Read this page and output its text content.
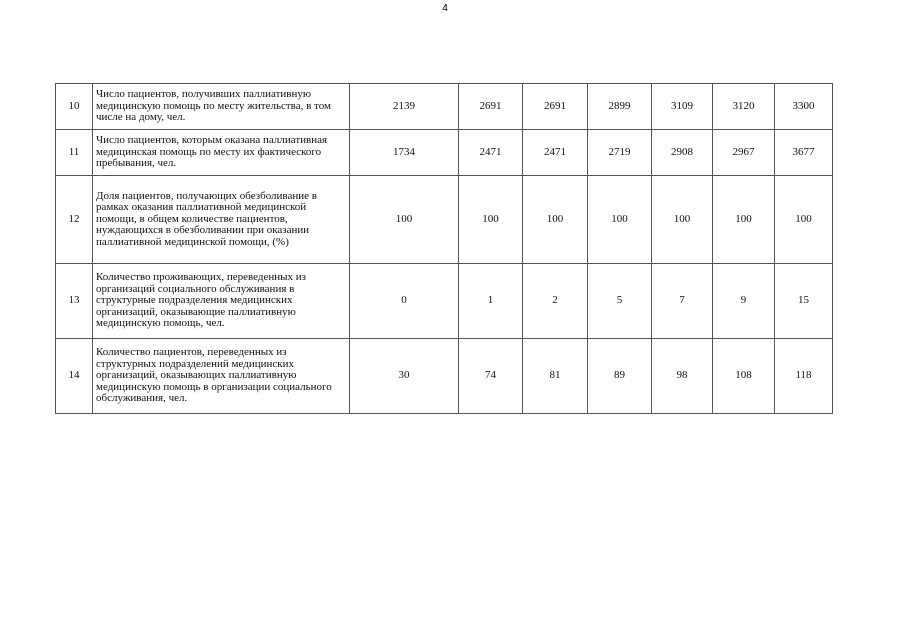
4
10	Число пациентов, получивших паллиативную медицинскую помощь по месту жительства, в том числе на дому, чел.	2139	2691	2691	2899	3109	3120	3300
11	Число пациентов, которым оказана паллиативная медицинская помощь по месту их фактического пребывания, чел.	1734	2471	2471	2719	2908	2967	3677
12	Доля пациентов, получающих обезболивание в рамках оказания паллиативной медицинской помощи, в общем количестве пациентов, нуждающихся в обезболивании при оказании паллиативной медицинской помощи, (%)	100	100	100	100	100	100	100
13	Количество проживающих, переведенных из организаций социального обслуживания в структурные подразделения медицинских организаций, оказывающие паллиативную медицинскую помощь, чел.	0	1	2	5	7	9	15
14	Количество пациентов, переведенных из структурных подразделений медицинских организаций, оказывающих паллиативную медицинскую помощь в организации социального обслуживания, чел.	30	74	81	89	98	108	118
